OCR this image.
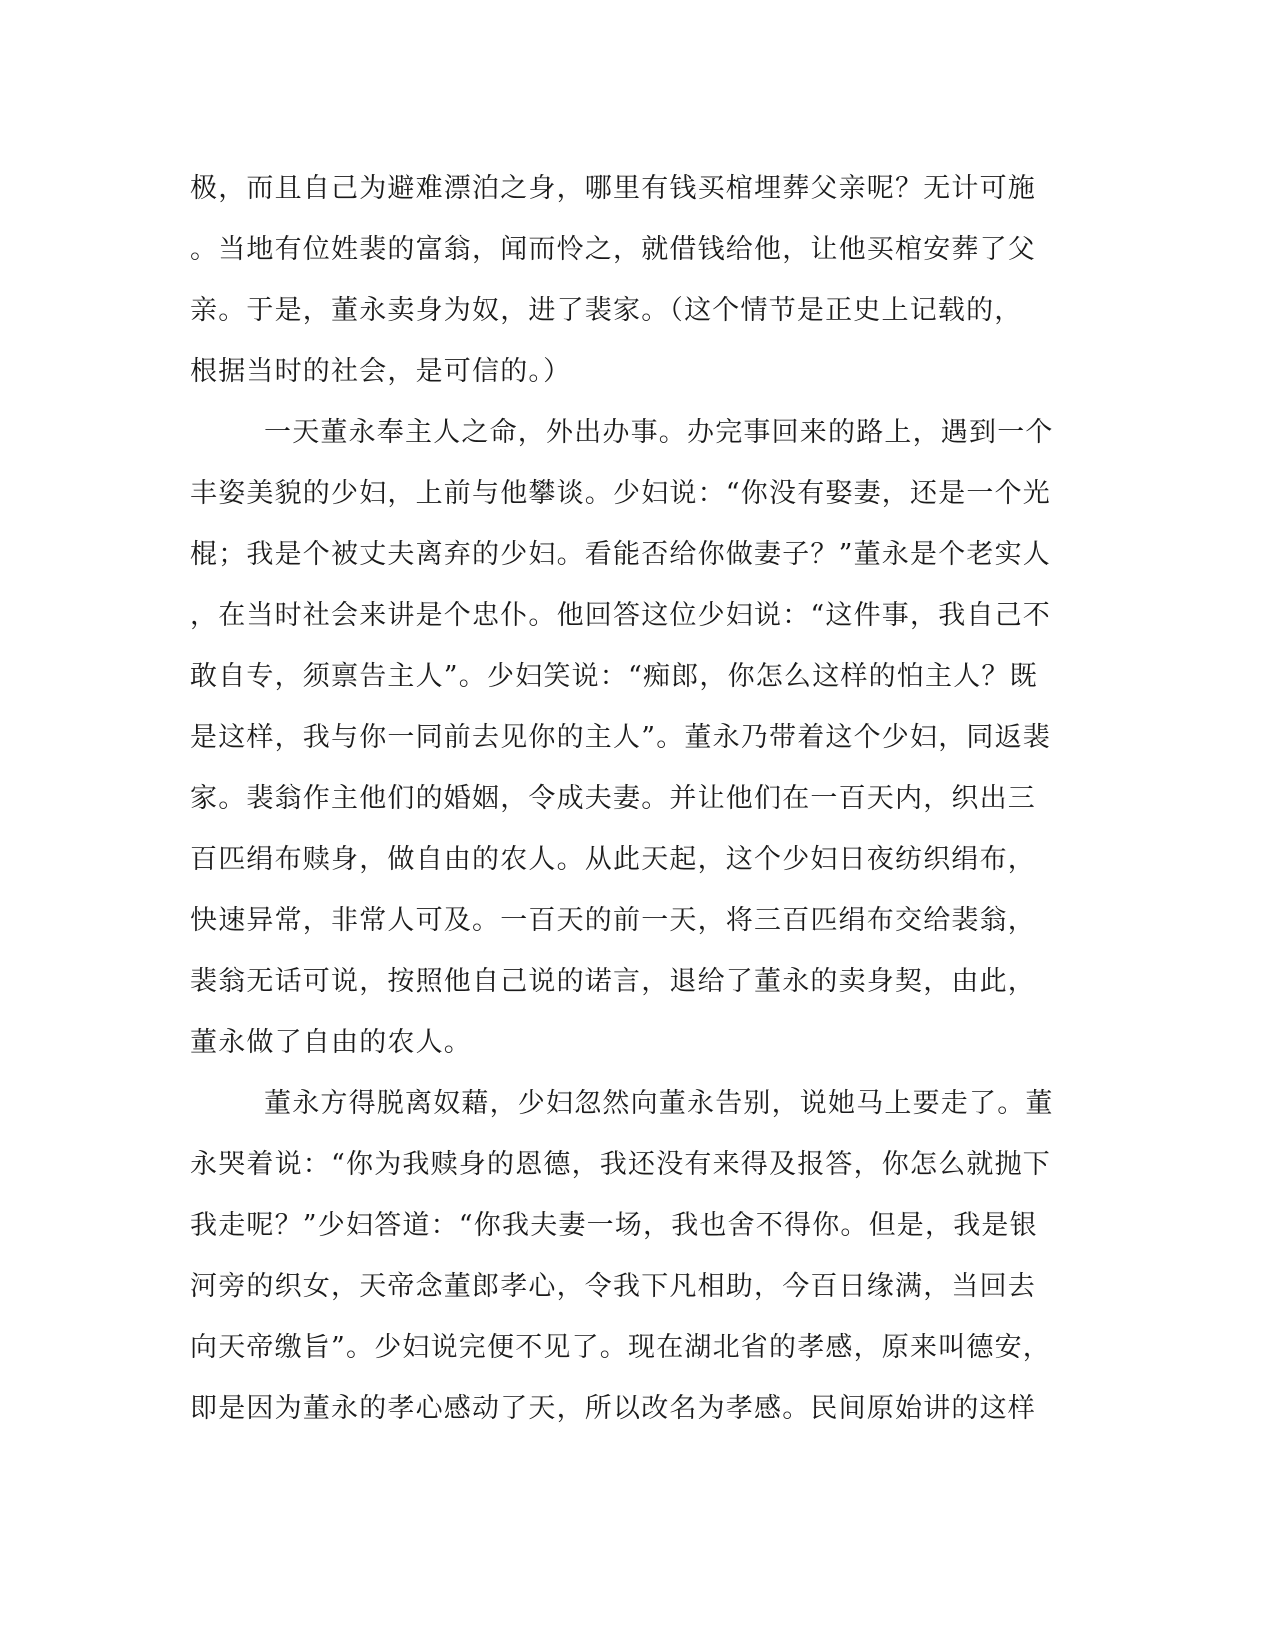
极，而且自己为避难漂泊之身，哪里有钱买棺埋葬父亲呢？无计可施
。当地有位姓裴的富翁，闻而怜之，就借钱给他，让他买棺安葬了父
亲。于是，董永卖身为奴，进了裴家。（这个情节是正史上记载的，
根据当时的社会，是可信的。）
一天董永奉主人之命，外出办事。办完事回来的路上，遇到一个
丰姿美貌的少妇，上前与他攀谈。少妇说：“你没有娶妻，还是一个光
棍；我是个被丈夫离弃的少妇。看能否给你做妻子？”董永是个老实人
，在当时社会来讲是个忠仆。他回答这位少妇说：“这件事，我自己不
敢自专，须禀告主人”。少妇笑说：“痴郎，你怎么这样的怕主人？既
是这样，我与你一同前去见你的主人”。董永乃带着这个少妇，同返裴
家。裴翁作主他们的婚姻，令成夫妻。并让他们在一百天内，织出三
百匹绢布赎身，做自由的农人。从此天起，这个少妇日夜纺织绢布，
快速异常，非常人可及。一百天的前一天，将三百匹绢布交给裴翁，
裴翁无话可说，按照他自己说的诺言，退给了董永的卖身契，由此，
董永做了自由的农人。
董永方得脱离奴藉，少妇忽然向董永告别，说她马上要走了。董
永哭着说：“你为我赎身的恩德，我还没有来得及报答，你怎么就抛下
我走呢？”少妇答道：“你我夫妻一场，我也舍不得你。但是，我是银
河旁的织女，天帝念董郎孝心，令我下凡相助，今百日缘满，当回去
向天帝缴旨”。少妇说完便不见了。现在湖北省的孝感，原来叫德安，
即是因为董永的孝心感动了天，所以改名为孝感。民间原始讲的这样
